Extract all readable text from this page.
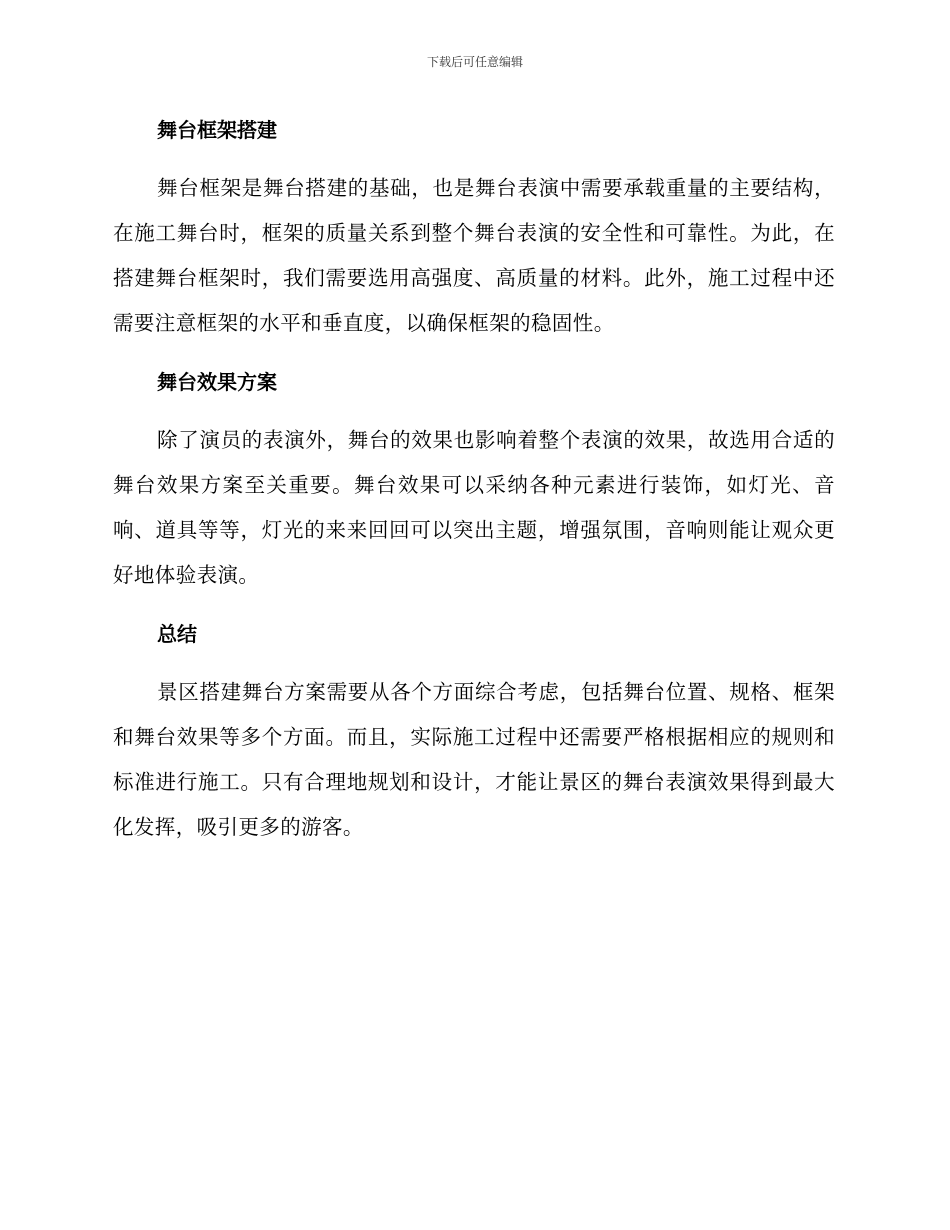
下载后可任意编辑
舞台框架搭建

舞台框架是舞台搭建的基础，也是舞台表演中需要承载重量的主要结构，在施工舞台时，框架的质量关系到整个舞台表演的安全性和可靠性。为此，在搭建舞台框架时，我们需要选用高强度、高质量的材料。此外，施工过程中还需要注意框架的水平和垂直度，以确保框架的稳固性。

舞台效果方案

除了演员的表演外，舞台的效果也影响着整个表演的效果，故选用合适的舞台效果方案至关重要。舞台效果可以采纳各种元素进行装饰，如灯光、音响、道具等等，灯光的来来回回可以突出主题，增强氛围，音响则能让观众更好地体验表演。

总结

景区搭建舞台方案需要从各个方面综合考虑，包括舞台位置、规格、框架和舞台效果等多个方面。而且，实际施工过程中还需要严格根据相应的规则和标准进行施工。只有合理地规划和设计，才能让景区的舞台表演效果得到最大化发挥，吸引更多的游客。
